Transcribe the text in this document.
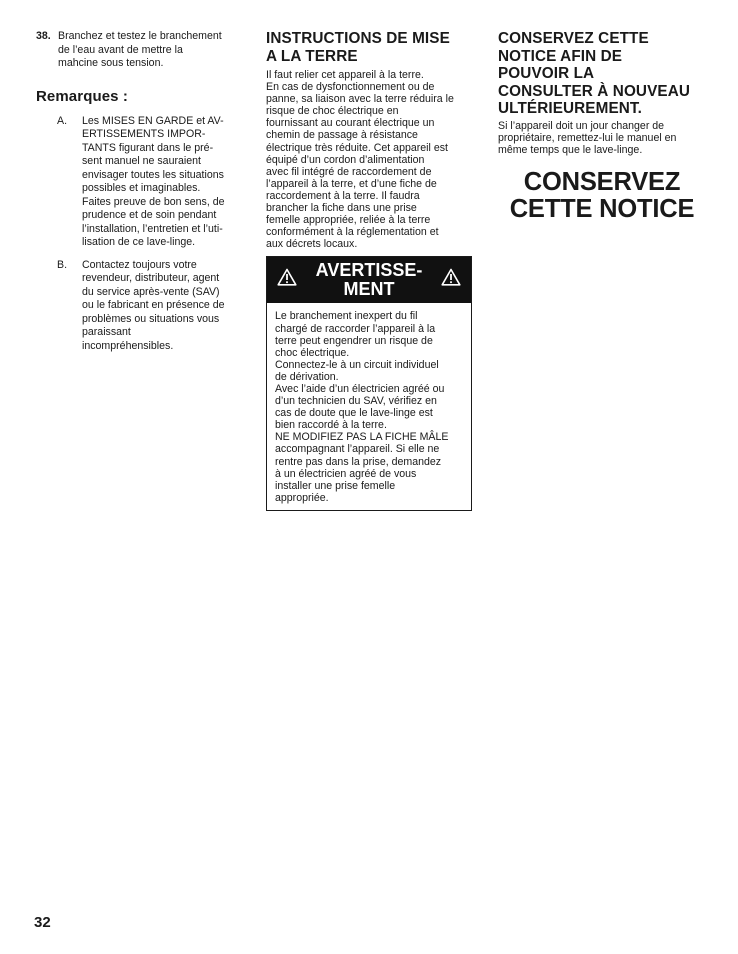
38. Branchez et testez le branchement
de l’eau avant de mettre la
mahcine sous tension.
Remarques :
A. Les MISES EN GARDE et AV-
ERTISSEMENTS IMPOR-
TANTS figurant dans le pré-
sent manuel ne sauraient
envisager toutes les situations
possibles et imaginables.
Faites preuve de bon sens, de
prudence et de soin pendant
l’installation, l’entretien et l’uti-
lisation de ce lave-linge.
B. Contactez toujours votre
revendeur, distributeur, agent
du service après-vente (SAV)
ou le fabricant en présence de
problèmes ou situations vous
paraissant
incompréhensibles.
INSTRUCTIONS DE MISE
A LA TERRE
Il faut relier cet appareil à la terre.
En cas de dysfonctionnement ou de
panne, sa liaison avec la terre réduira le
risque de choc électrique en
fournissant au courant électrique un
chemin de passage à résistance
électrique très réduite. Cet appareil est
équipé d’un cordon d’alimentation
avec fil intégré de raccordement de
l’appareil à la terre, et d’une fiche de
raccordement à la terre. Il faudra
brancher la fiche dans une prise
femelle appropriée, reliée à la terre
conformément à la réglementation et
aux décrets locaux.
AVERTISSE-
MENT
Le branchement inexpert du fil
chargé de raccorder l’appareil à la
terre peut engendrer un risque de
choc électrique.
Connectez-le à un circuit individuel
de dérivation.
Avec l’aide d’un électricien agréé ou
d’un technicien du SAV, vérifiez en
cas de doute que le lave-linge est
bien raccordé à la terre.
NE MODIFIEZ PAS LA FICHE MÂLE
accompagnant l’appareil. Si elle ne
rentre pas dans la prise, demandez
à un électricien agréé de vous
installer une prise femelle
appropriée.
CONSERVEZ CETTE
NOTICE AFIN DE
POUVOIR LA
CONSULTER À NOUVEAU
ULTÉRIEUREMENT.
Si l’appareil doit un jour changer de
propriétaire, remettez-lui le manuel en
même temps que le lave-linge.
CONSERVEZ
CETTE NOTICE
32
